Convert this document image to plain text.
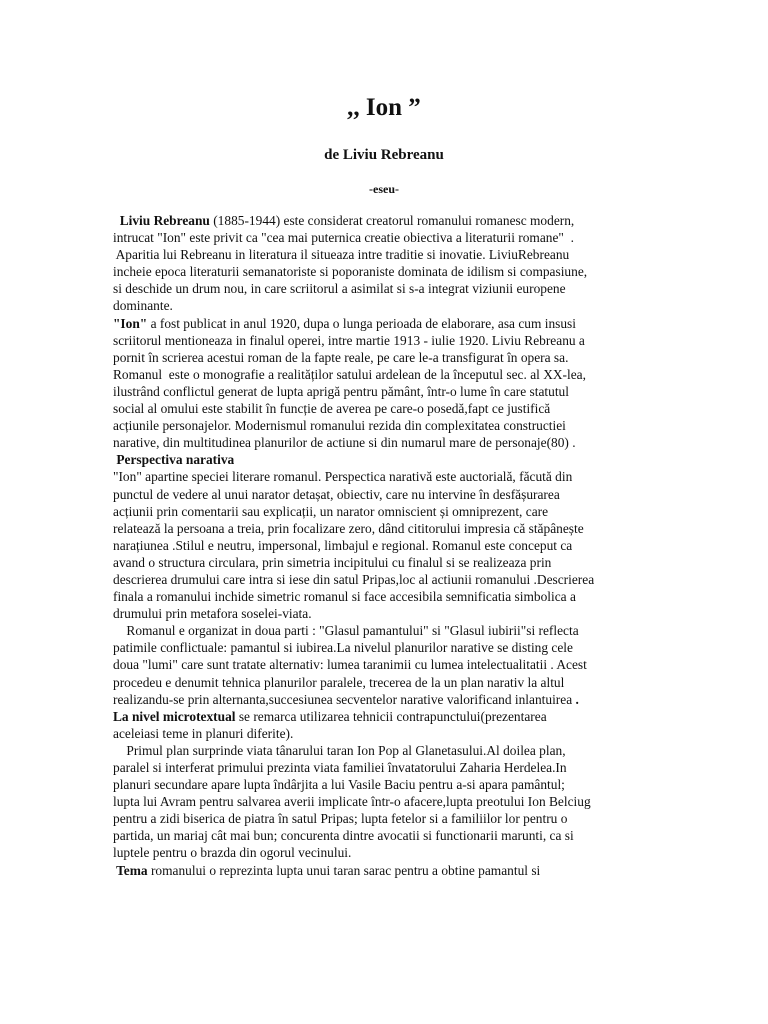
,, Ion ”
de Liviu Rebreanu
-eseu-
Liviu Rebreanu (1885-1944) este considerat creatorul romanului romanesc modern,
intrucat "Ion" este privit ca "cea mai puternica creatie obiectiva a literaturii romane"  .
Aparitia lui Rebreanu in literatura il situeaza intre traditie si inovatie. LiviuRebreanu
incheie epoca literaturii semanatoriste si poporaniste dominata de idilism si compasiune,
si deschide un drum nou, in care scriitorul a asimilat si s-a integrat viziunii europene
dominante.
"Ion" a fost publicat in anul 1920, dupa o lunga perioada de elaborare, asa cum insusi
scriitorul mentioneaza in finalul operei, intre martie 1913 - iulie 1920. Liviu Rebreanu a
pornit în scrierea acestui roman de la fapte reale, pe care le-a transfigurat în opera sa.
Romanul  este o monografie a realităților satului ardelean de la începutul sec. al XX-lea,
ilustrând conflictul generat de lupta aprigă pentru pământ, într-o lume în care statutul
social al omului este stabilit în funcție de averea pe care-o posedă,fapt ce justifică
acțiunile personajelor. Modernismul romanului rezida din complexitatea constructiei
narative, din multitudinea planurilor de actiune si din numarul mare de personaje(80) .
Perspectiva narativa
"Ion" apartine speciei literare romanul. Perspectica narativă este auctorială, făcută din
punctul de vedere al unui narator detașat, obiectiv, care nu intervine în desfășurarea
acțiunii prin comentarii sau explicații, un narator omniscient și omniprezent, care
relatează la persoana a treia, prin focalizare zero, dând cititorului impresia că stăpânește
narațiunea .Stilul e neutru, impersonal, limbajul e regional. Romanul este conceput ca
avand o structura circulara, prin simetria incipitului cu finalul si se realizeaza prin
descrierea drumului care intra si iese din satul Pripas,loc al actiunii romanului .Descrierea
finala a romanului inchide simetric romanul si face accesibila semnificatia simbolica a
drumului prin metafora soselei-viata.
Romanul e organizat in doua parti : "Glasul pamantului" si "Glasul iubirii"si reflecta
patimile conflictuale: pamantul si iubirea.La nivelul planurilor narative se disting cele
doua "lumi" care sunt tratate alternativ: lumea taranimii cu lumea intelectualitatii . Acest
procedeu e denumit tehnica planurilor paralele, trecerea de la un plan narativ la altul
realizandu-se prin alternanta,succesiunea secventelor narative valorificand inlantuirea .
La nivel microtextual se remarca utilizarea tehnicii contrapunctului(prezentarea
aceleiasi teme in planuri diferite).
Primul plan surprinde viata tânarului taran Ion Pop al Glanetasului.Al doilea plan,
paralel si interferat primului prezinta viata familiei învatatorului Zaharia Herdelea.In
planuri secundare apare lupta îndârjita a lui Vasile Baciu pentru a-si apara pamântul;
lupta lui Avram pentru salvarea averii implicate într-o afacere,lupta preotului Ion Belciug
pentru a zidi biserica de piatra în satul Pripas; lupta fetelor si a familiilor lor pentru o
partida, un mariaj cât mai bun; concurenta dintre avocatii si functionarii marunti, ca si
luptele pentru o brazda din ogorul vecinului.
Tema romanului o reprezinta lupta unui taran sarac pentru a obtine pamantul si
